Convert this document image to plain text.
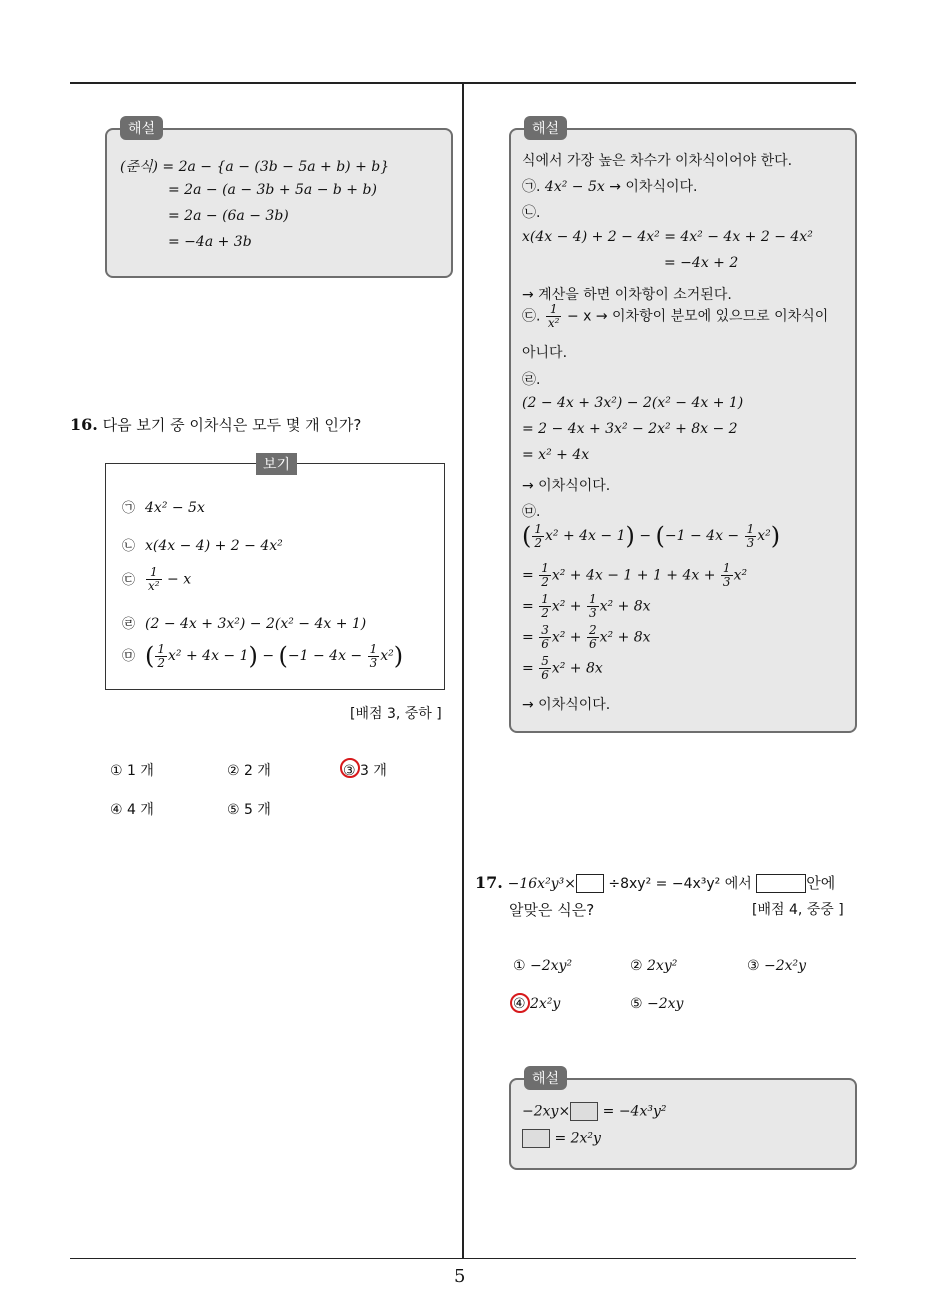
5
해설
(준식) = 2a − {a − (3b − 5a + b) + b}
= 2a − (a − 3b + 5a − b + b)
= 2a − (6a − 3b)
= −4a + 3b
16. 다음 보기 중 이차식은 모두 몇 개 인가?
보기
㉠ 4x² − 5x
㉡ x(4x − 4) + 2 − 4x²
㉢ $\frac{1}{\text{x²}} - x$
㉣ (2 − 4x + 3x²) − 2(x² − 4x + 1)
㉤ ( $\frac{1}{2} x^2 + 4x - 1) - (-1 - 4x - \frac{1}{3} x^2)$
[배점 3, 중하 ]
① 1 개	② 2 개	③ 3 개
④ 4 개	⑤ 5 개
해설
식에서 가장 높은 차수가 이차식이어야 한다.
㉠. 4x² − 5x → 이차식이다.
㉡.
x(4x − 4) + 2 − 4x² = 4x² − 4x + 2 − 4x²
= −4x + 2
→ 계산을 하면 이차항이 소거된다.
㉢. $\frac{1}{\text{x²}} - x$ → 이차항이 분모에 있으므로 이차식이
아니다.
㉣.
(2 − 4x + 3x²) − 2(x² − 4x + 1)
= 2 − 4x + 3x² − 2x² + 8x − 2
= x² + 4x
→ 이차식이다.
㉤.
( $\frac{1}{2} x^2 + 4x - 1) - (-1 - 4x - \frac{1}{3} x^2)$
= $\frac{1}{2} x^2 + 4x - 1 + 1 + 4x + \frac{1}{3} x^2$
= $\frac{1}{2} x^2 + \frac{1}{3} x^2 + 8x$
= $\frac{3}{6} x^2 + \frac{2}{6} x^2 + 8x$
= $\frac{5}{6} x^2 + 8x$
→ 이차식이다.
17. −16x²y³× ÷8xy² = −4x³y² 에서	안에
알맞은 식은?	[배점 4, 중중 ]
① −2xy²	② 2xy²	③ −2x²y
④ 2x²y	⑤ −2xy
해설
−2xy× = −4x³y²
= 2x²y
